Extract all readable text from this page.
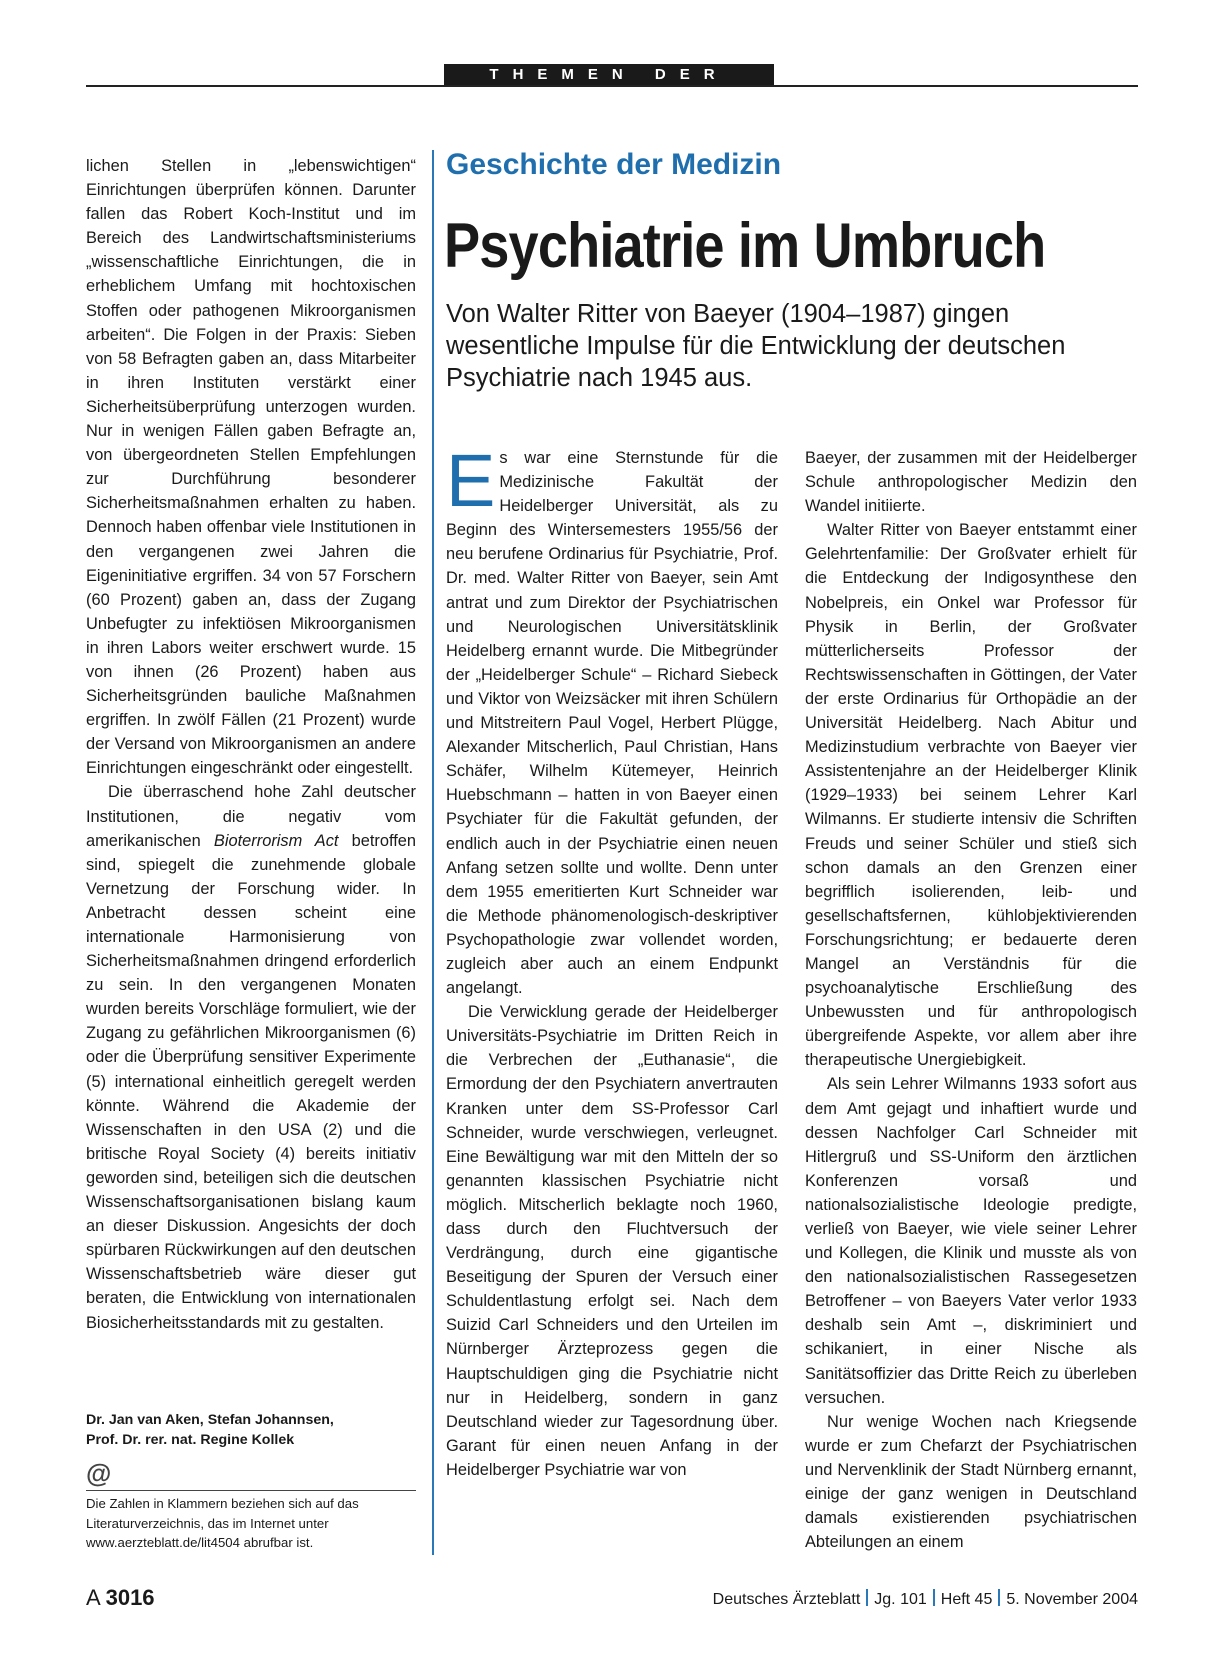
THEMEN DER ZEIT

lichen Stellen in „lebenswichtigen“ Einrichtungen überprüfen können. Darunter fallen das Robert Koch-Institut und im Bereich des Landwirtschaftsministeriums „wissenschaftliche Einrichtungen, die in erheblichem Umfang mit hochtoxischen Stoffen oder pathogenen Mikroorganismen arbeiten“. Die Folgen in der Praxis: Sieben von 58 Befragten gaben an, dass Mitarbeiter in ihren Instituten verstärkt einer Sicherheitsüberprüfung unterzogen wurden. Nur in wenigen Fällen gaben Befragte an, von übergeordneten Stellen Empfehlungen zur Durchführung besonderer Sicherheitsmaßnahmen erhalten zu haben. Dennoch haben offenbar viele Institutionen in den vergangenen zwei Jahren die Eigeninitiative ergriffen. 34 von 57 Forschern (60 Prozent) gaben an, dass der Zugang Unbefugter zu infektiösen Mikroorganismen in ihren Labors weiter erschwert wurde. 15 von ihnen (26 Prozent) haben aus Sicherheitsgründen bauliche Maßnahmen ergriffen. In zwölf Fällen (21 Prozent) wurde der Versand von Mikroorganismen an andere Einrichtungen eingeschränkt oder eingestellt.

Die überraschend hohe Zahl deutscher Institutionen, die negativ vom amerikanischen Bioterrorism Act betroffen sind, spiegelt die zunehmende globale Vernetzung der Forschung wider. In Anbetracht dessen scheint eine internationale Harmonisierung von Sicherheitsmaßnahmen dringend erforderlich zu sein. In den vergangenen Monaten wurden bereits Vorschläge formuliert, wie der Zugang zu gefährlichen Mikroorganismen (6) oder die Überprüfung sensitiver Experimente (5) international einheitlich geregelt werden könnte. Während die Akademie der Wissenschaften in den USA (2) und die britische Royal Society (4) bereits initiativ geworden sind, beteiligen sich die deutschen Wissenschaftsorganisationen bislang kaum an dieser Diskussion. Angesichts der doch spürbaren Rückwirkungen auf den deutschen Wissenschaftsbetrieb wäre dieser gut beraten, die Entwicklung von internationalen Biosicherheitsstandards mit zu gestalten.

Dr. Jan van Aken, Stefan Johannsen,
Prof. Dr. rer. nat. Regine Kollek
@
Die Zahlen in Klammern beziehen sich auf das Literaturverzeichnis, das im Internet unter www.aerzteblatt.de/lit4504 abrufbar ist.
Geschichte der Medizin
Psychiatrie im Umbruch
Von Walter Ritter von Baeyer (1904–1987) gingen wesentliche Impulse für die Entwicklung der deutschen Psychiatrie nach 1945 aus.

Es war eine Sternstunde für die Medizinische Fakultät der Heidelberger Universität, als zu Beginn des Wintersemesters 1955/56 der neu berufene Ordinarius für Psychiatrie, Prof. Dr. med. Walter Ritter von Baeyer, sein Amt antrat und zum Direktor der Psychiatrischen und Neurologischen Universitätsklinik Heidelberg ernannt wurde. Die Mitbegründer der „Heidelberger Schule“ – Richard Siebeck und Viktor von Weizsäcker mit ihren Schülern und Mitstreitern Paul Vogel, Herbert Plügge, Alexander Mitscherlich, Paul Christian, Hans Schäfer, Wilhelm Kütemeyer, Heinrich Huebschmann – hatten in von Baeyer einen Psychiater für die Fakultät gefunden, der endlich auch in der Psychiatrie einen neuen Anfang setzen sollte und wollte. Denn unter dem 1955 emeritierten Kurt Schneider war die Methode phänomenologisch-deskriptiver Psychopathologie zwar vollendet worden, zugleich aber auch an einem Endpunkt angelangt.

Die Verwicklung gerade der Heidelberger Universitäts-Psychiatrie im Dritten Reich in die Verbrechen der „Euthanasie“, die Ermordung der den Psychiatern anvertrauten Kranken unter dem SS-Professor Carl Schneider, wurde verschwiegen, verleugnet. Eine Bewältigung war mit den Mitteln der so genannten klassischen Psychiatrie nicht möglich. Mitscherlich beklagte noch 1960, dass durch den Fluchtversuch der Verdrängung, durch eine gigantische Beseitigung der Spuren der Versuch einer Schuldentlastung erfolgt sei. Nach dem Suizid Carl Schneiders und den Urteilen im Nürnberger Ärzteprozess gegen die Hauptschuldigen ging die Psychiatrie nicht nur in Heidelberg, sondern in ganz Deutschland wieder zur Tagesordnung über. Garant für einen neuen Anfang in der Heidelberger Psychiatrie war von

Baeyer, der zusammen mit der Heidelberger Schule anthropologischer Medizin den Wandel initiierte.

Walter Ritter von Baeyer entstammt einer Gelehrtenfamilie: Der Großvater erhielt für die Entdeckung der Indigosynthese den Nobelpreis, ein Onkel war Professor für Physik in Berlin, der Großvater mütterlicherseits Professor der Rechtswissenschaften in Göttingen, der Vater der erste Ordinarius für Orthopädie an der Universität Heidelberg. Nach Abitur und Medizinstudium verbrachte von Baeyer vier Assistentenjahre an der Heidelberger Klinik (1929–1933) bei seinem Lehrer Karl Wilmanns. Er studierte intensiv die Schriften Freuds und seiner Schüler und stieß sich schon damals an den Grenzen einer begrifflich isolierenden, leib- und gesellschaftsfernen, kühlobjektivierenden Forschungsrichtung; er bedauerte deren Mangel an Verständnis für die psychoanalytische Erschließung des Unbewussten und für anthropologisch übergreifende Aspekte, vor allem aber ihre therapeutische Unergiebigkeit.

Als sein Lehrer Wilmanns 1933 sofort aus dem Amt gejagt und inhaftiert wurde und dessen Nachfolger Carl Schneider mit Hitlergruß und SS-Uniform den ärztlichen Konferenzen vorsaß und nationalsozialistische Ideologie predigte, verließ von Baeyer, wie viele seiner Lehrer und Kollegen, die Klinik und musste als von den nationalsozialistischen Rassegesetzen Betroffener – von Baeyers Vater verlor 1933 deshalb sein Amt –, diskriminiert und schikaniert, in einer Nische als Sanitätsoffizier das Dritte Reich zu überleben versuchen.

Nur wenige Wochen nach Kriegsende wurde er zum Chefarzt der Psychiatrischen und Nervenklinik der Stadt Nürnberg ernannt, einige der ganz wenigen in Deutschland damals existierenden psychiatrischen Abteilungen an einem

A 3016	Deutsches Ärzteblatt Jg. 101 Heft 45 5. November 2004
